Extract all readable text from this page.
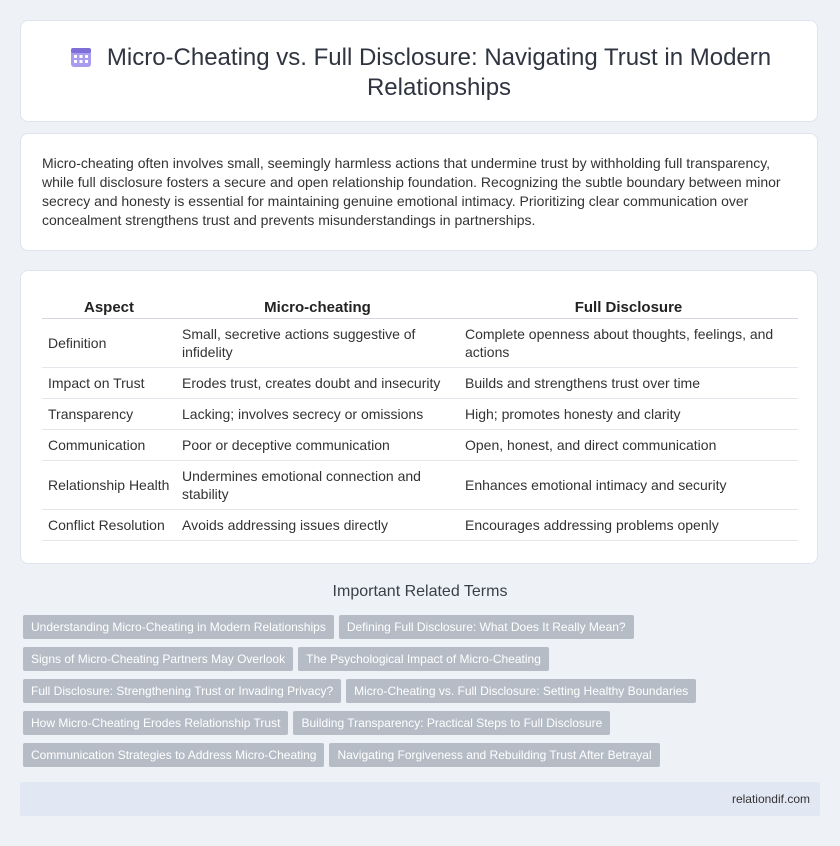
Micro-Cheating vs. Full Disclosure: Navigating Trust in Modern Relationships

Micro-cheating often involves small, seemingly harmless actions that undermine trust by withholding full transparency, while full disclosure fosters a secure and open relationship foundation. Recognizing the subtle boundary between minor secrecy and honesty is essential for maintaining genuine emotional intimacy. Prioritizing clear communication over concealment strengthens trust and prevents misunderstandings in partnerships.

Aspect	Micro-cheating	Full Disclosure
Definition	Small, secretive actions suggestive of infidelity	Complete openness about thoughts, feelings, and actions
Impact on Trust	Erodes trust, creates doubt and insecurity	Builds and strengthens trust over time
Transparency	Lacking; involves secrecy or omissions	High; promotes honesty and clarity
Communication	Poor or deceptive communication	Open, honest, and direct communication
Relationship Health	Undermines emotional connection and stability	Enhances emotional intimacy and security
Conflict Resolution	Avoids addressing issues directly	Encourages addressing problems openly
Important Related Terms
Understanding Micro-Cheating in Modern Relationships Defining Full Disclosure: What Does It Really Mean?
Signs of Micro-Cheating Partners May Overlook The Psychological Impact of Micro-Cheating
Full Disclosure: Strengthening Trust or Invading Privacy? Micro-Cheating vs. Full Disclosure: Setting Healthy Boundaries
How Micro-Cheating Erodes Relationship Trust Building Transparency: Practical Steps to Full Disclosure
Communication Strategies to Address Micro-Cheating Navigating Forgiveness and Rebuilding Trust After Betrayal
relationdif.com
